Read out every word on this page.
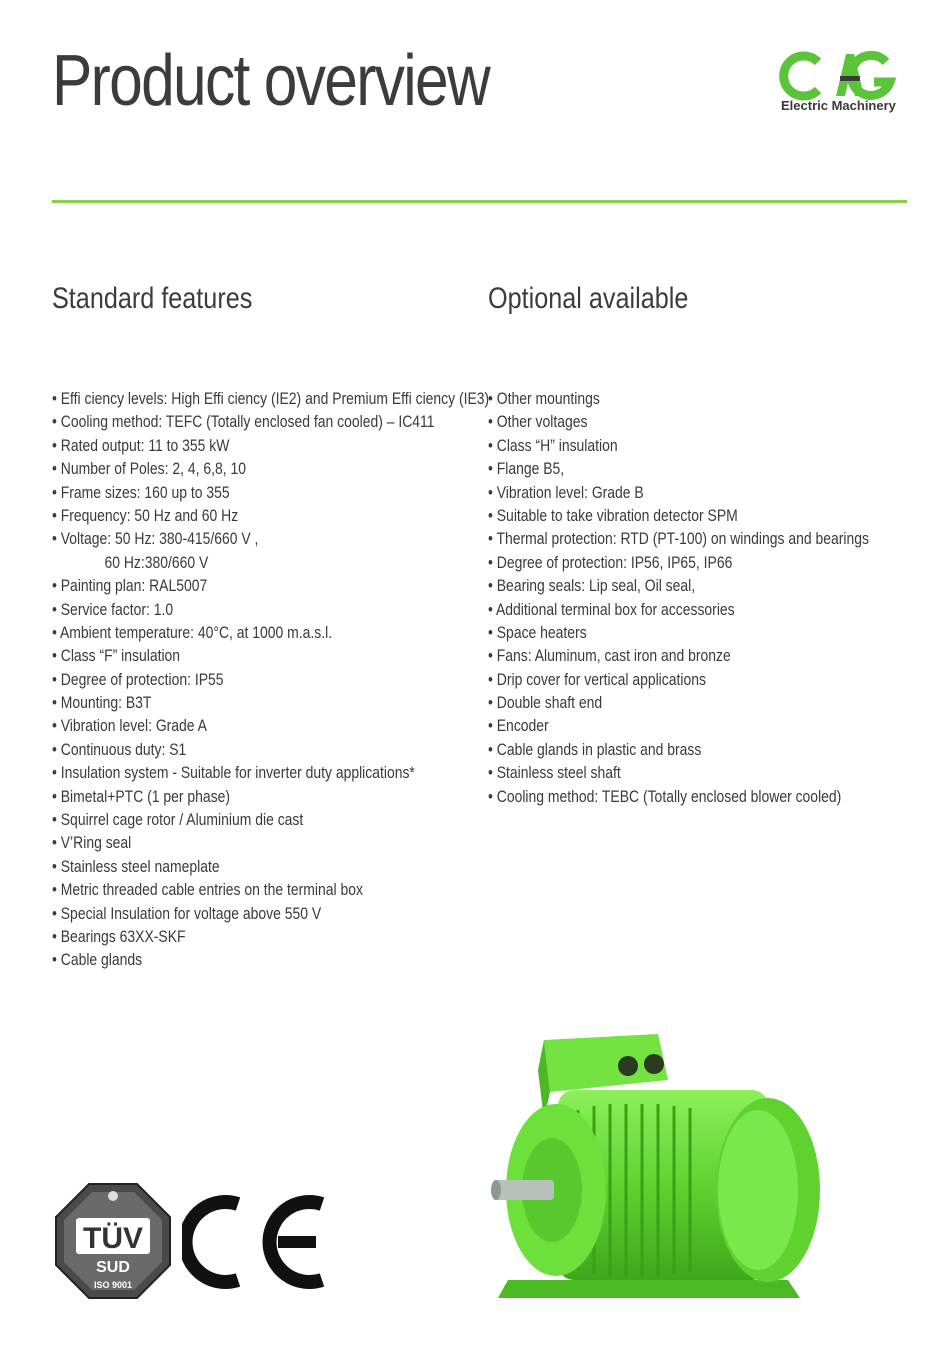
Product overview	Electric Machinery
Standard features	Optional available
• Effi ciency levels: High Effi ciency (IE2) and Premium Effi ciency (IE3)
• Cooling method: TEFC (Totally enclosed fan cooled) – IC411
• Rated output: 11 to 355 kW
• Number of Poles: 2, 4, 6,8, 10
• Frame sizes: 160 up to 355
• Frequency: 50 Hz and 60 Hz
• Voltage: 50 Hz: 380-415/660 V ,
60 Hz:380/660 V
• Painting plan: RAL5007
• Service factor: 1.0
• Ambient temperature: 40°C, at 1000 m.a.s.l.
• Class “F” insulation
• Degree of protection: IP55
• Mounting: B3T
• Vibration level: Grade A
• Continuous duty: S1
• Insulation system - Suitable for inverter duty applications*
• Bimetal+PTC (1 per phase)
• Squirrel cage rotor / Aluminium die cast
• V’Ring seal
• Stainless steel nameplate
• Metric threaded cable entries on the terminal box
• Special Insulation for voltage above 550 V
• Bearings 63XX-SKF
• Cable glands
• Other mountings
• Other voltages
• Class “H” insulation
• Flange B5,
• Vibration level: Grade B
• Suitable to take vibration detector SPM
• Thermal protection: RTD (PT-100) on windings and bearings
• Degree of protection: IP56, IP65, IP66
• Bearing seals: Lip seal, Oil seal,
• Additional terminal box for accessories
• Space heaters
• Fans: Aluminum, cast iron and bronze
• Drip cover for vertical applications
• Double shaft end
• Encoder
• Cable glands in plastic and brass
• Stainless steel shaft
• Cooling method: TEBC (Totally enclosed blower cooled)
TÜV
SUD
ISO 9001
